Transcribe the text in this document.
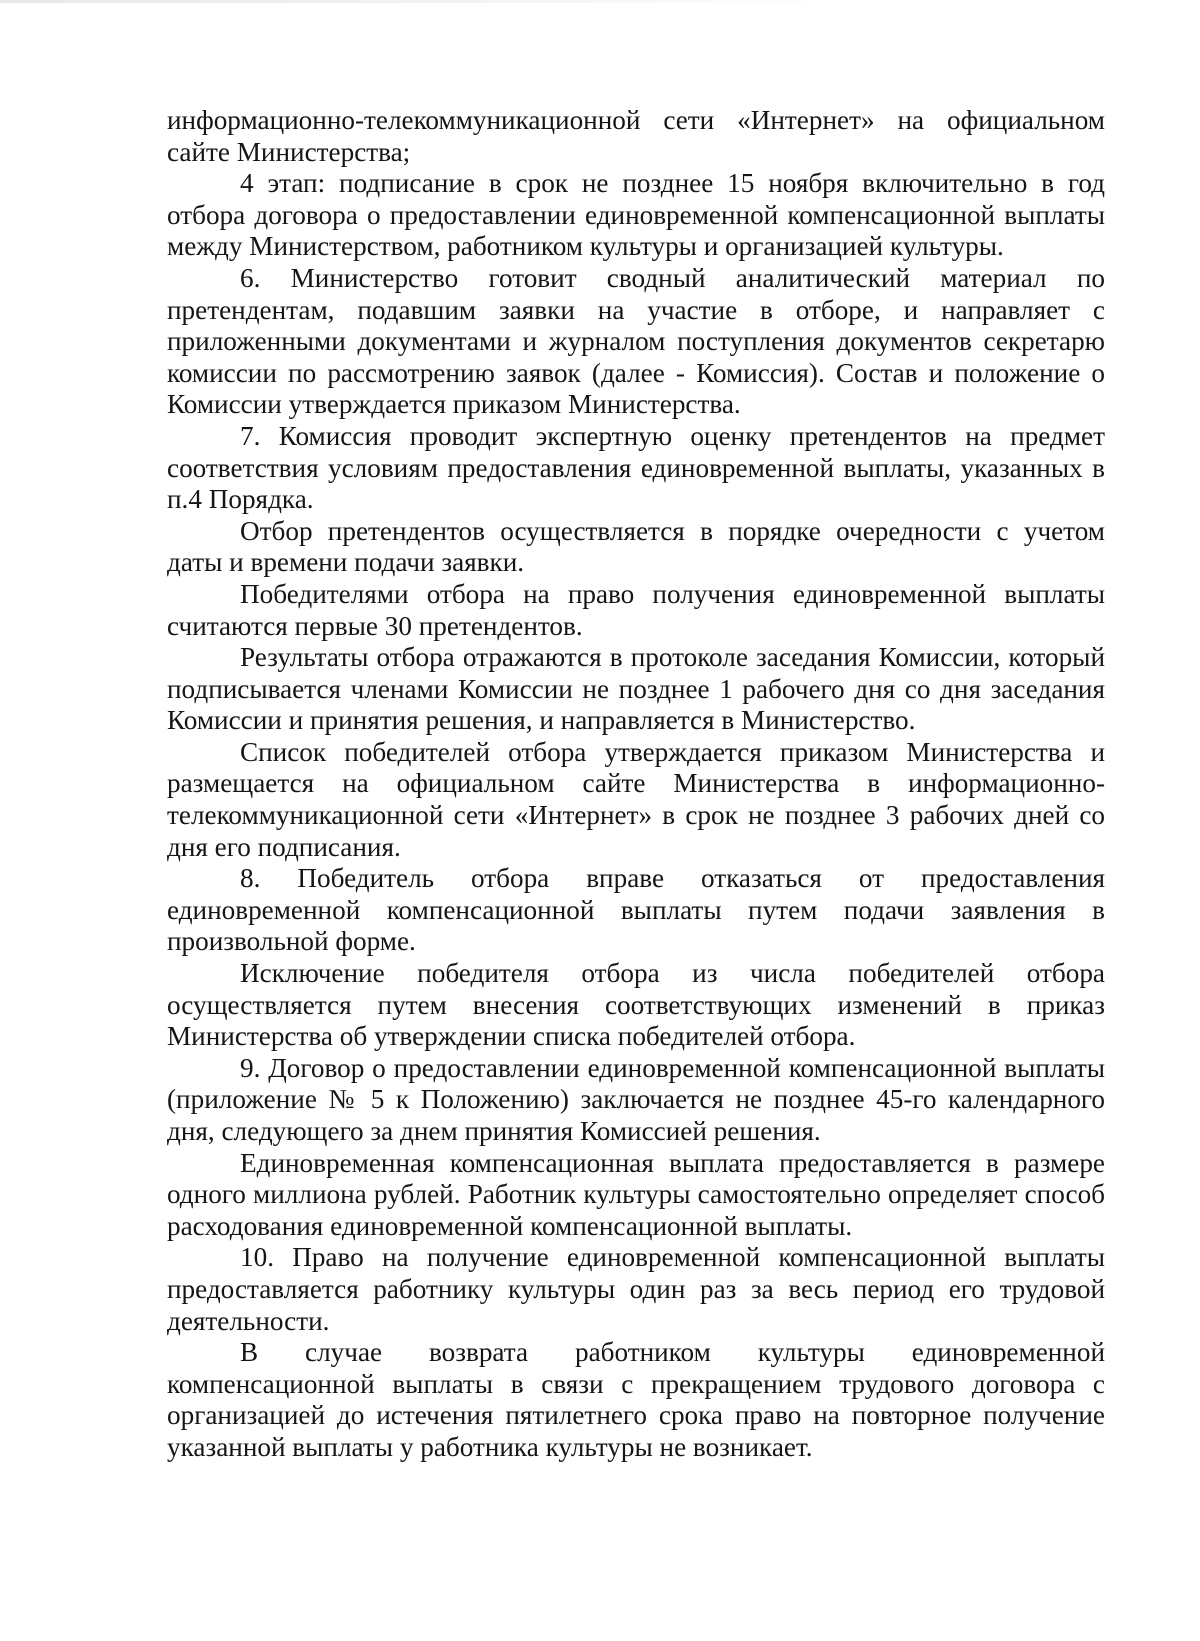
информационно-телекоммуникационной сети «Интернет» на официальном сайте Министерства;

4 этап: подписание в срок не позднее 15 ноября включительно в год отбора договора о предоставлении единовременной компенсационной выплаты между Министерством, работником культуры и организацией культуры.

6. Министерство готовит сводный аналитический материал по претендентам, подавшим заявки на участие в отборе, и направляет с приложенными документами и журналом поступления документов секретарю комиссии по рассмотрению заявок (далее - Комиссия). Состав и положение о Комиссии утверждается приказом Министерства.

7. Комиссия проводит экспертную оценку претендентов на предмет соответствия условиям предоставления единовременной выплаты, указанных в п.4 Порядка.

Отбор претендентов осуществляется в порядке очередности с учетом даты и времени подачи заявки.

Победителями отбора на право получения единовременной выплаты считаются первые 30 претендентов.

Результаты отбора отражаются в протоколе заседания Комиссии, который подписывается членами Комиссии не позднее 1 рабочего дня со дня заседания Комиссии и принятия решения, и направляется в Министерство.

Список победителей отбора утверждается приказом Министерства и размещается на официальном сайте Министерства в информационно-телекоммуникационной сети «Интернет» в срок не позднее 3 рабочих дней со дня его подписания.

8. Победитель отбора вправе отказаться от предоставления единовременной компенсационной выплаты путем подачи заявления в произвольной форме.

Исключение победителя отбора из числа победителей отбора осуществляется путем внесения соответствующих изменений в приказ Министерства об утверждении списка победителей отбора.

9. Договор о предоставлении единовременной компенсационной выплаты (приложение № 5 к Положению) заключается не позднее 45-го календарного дня, следующего за днем принятия Комиссией решения.

Единовременная компенсационная выплата предоставляется в размере одного миллиона рублей. Работник культуры самостоятельно определяет способ расходования единовременной компенсационной выплаты.

10. Право на получение единовременной компенсационной выплаты предоставляется работнику культуры один раз за весь период его трудовой деятельности.

В случае возврата работником культуры единовременной компенсационной выплаты в связи с прекращением трудового договора с организацией до истечения пятилетнего срока право на повторное получение указанной выплаты у работника культуры не возникает.
